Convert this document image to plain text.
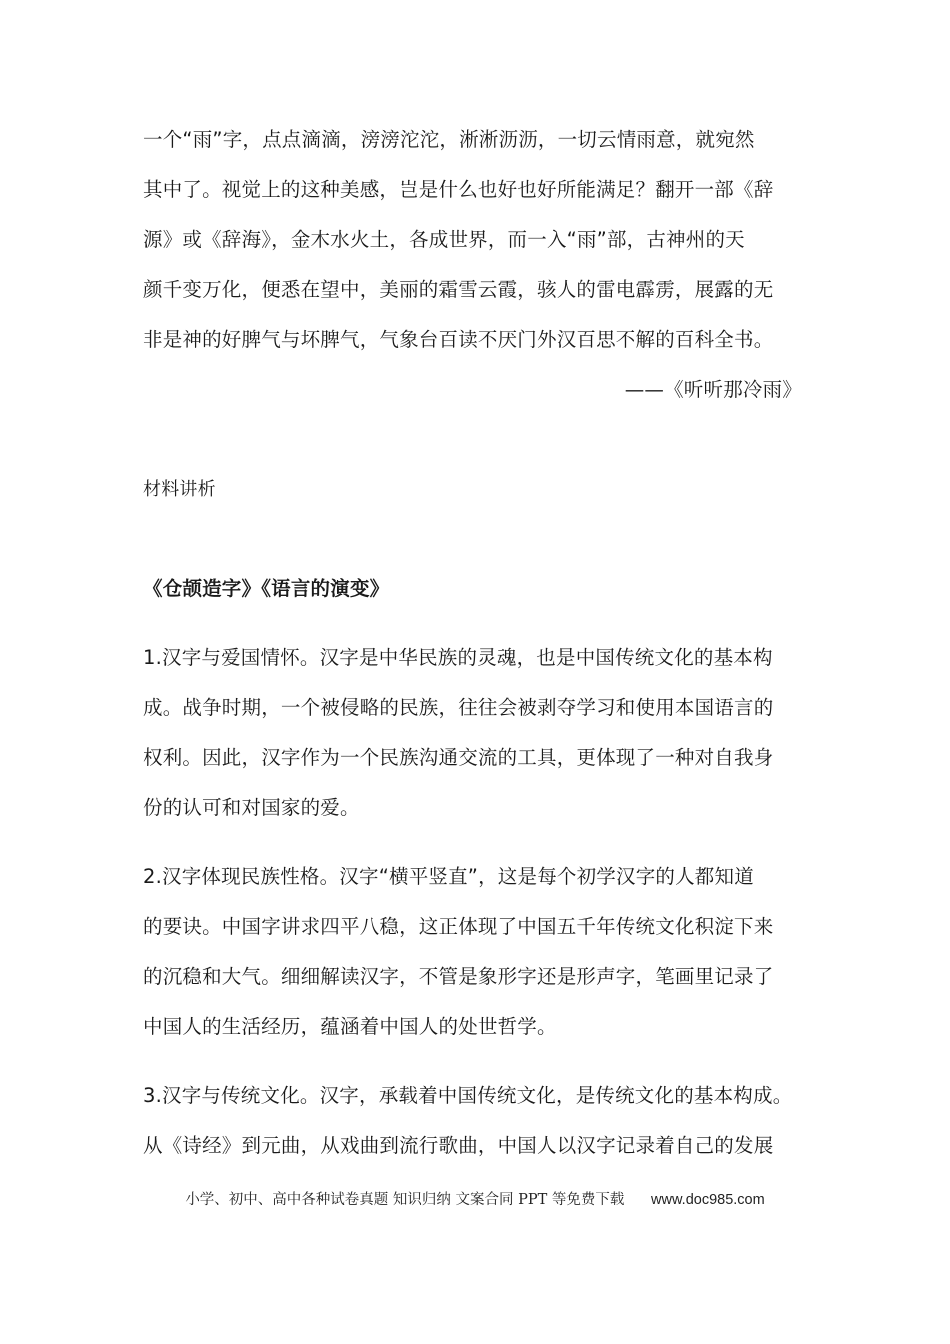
一个“雨”字，点点滴滴，滂滂沱沱，淅淅沥沥，一切云情雨意，就宛然
其中了。视觉上的这种美感，岂是什么也好也好所能满足？翻开一部《辞
源》或《辞海》，金木水火土，各成世界，而一入“雨”部，古神州的天
颜千变万化，便悉在望中，美丽的霜雪云霞，骇人的雷电霹雳，展露的无
非是神的好脾气与坏脾气，气象台百读不厌门外汉百思不解的百科全书。
——《听听那冷雨》
材料讲析
《仓颉造字》《语言的演变》
1.汉字与爱国情怀。汉字是中华民族的灵魂，也是中国传统文化的基本构
成。战争时期，一个被侵略的民族，往往会被剥夺学习和使用本国语言的
权利。因此，汉字作为一个民族沟通交流的工具，更体现了一种对自我身
份的认可和对国家的爱。
2.汉字体现民族性格。汉字“横平竖直”，这是每个初学汉字的人都知道
的要诀。中国字讲求四平八稳，这正体现了中国五千年传统文化积淀下来
的沉稳和大气。细细解读汉字，不管是象形字还是形声字，笔画里记录了
中国人的生活经历，蕴涵着中国人的处世哲学。
3.汉字与传统文化。汉字，承载着中国传统文化，是传统文化的基本构成。
从《诗经》到元曲，从戏曲到流行歌曲，中国人以汉字记录着自己的发展
小学、初中、高中各种试卷真题 知识归纳 文案合同 PPT 等免费下载 www.doc985.com
